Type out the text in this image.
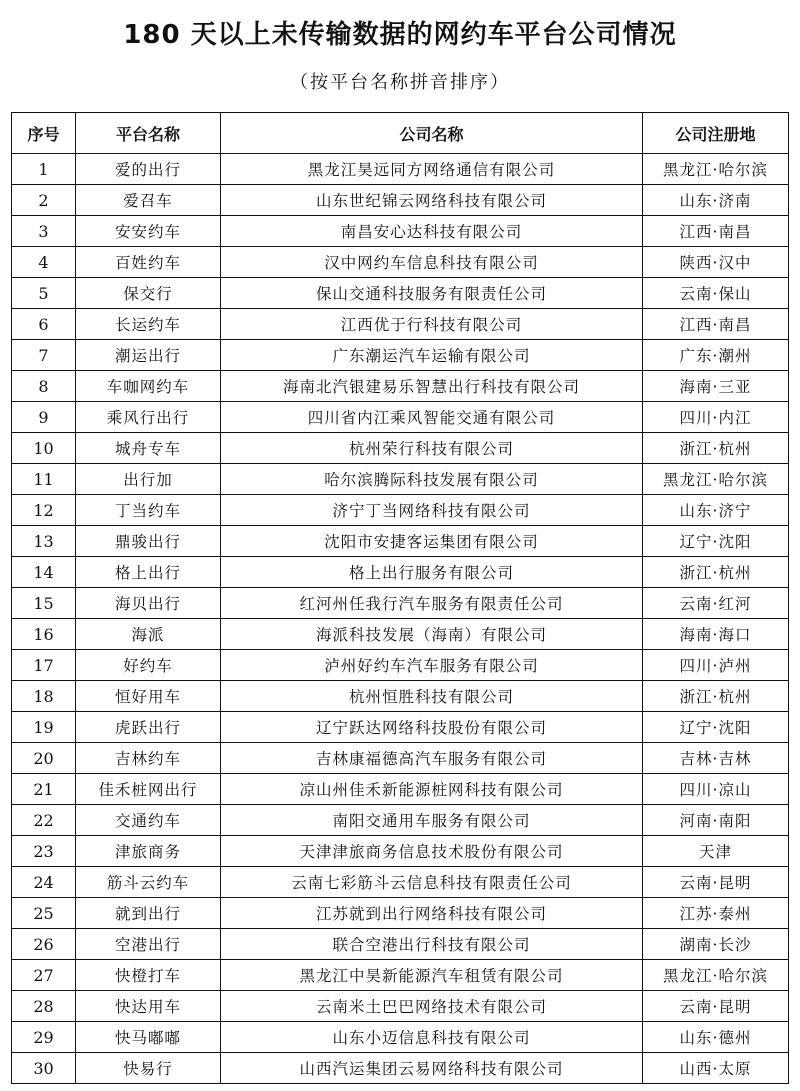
180 天以上未传输数据的网约车平台公司情况
（按平台名称拼音排序）
序号	平台名称	公司名称	公司注册地
1	爱的出行	黑龙江昊远同方网络通信有限公司	黑龙江·哈尔滨
2	爱召车	山东世纪锦云网络科技有限公司	山东·济南
3	安安约车	南昌安心达科技有限公司	江西·南昌
4	百姓约车	汉中网约车信息科技有限公司	陕西·汉中
5	保交行	保山交通科技服务有限责任公司	云南·保山
6	长运约车	江西优于行科技有限公司	江西·南昌
7	潮运出行	广东潮运汽车运输有限公司	广东·潮州
8	车咖网约车	海南北汽银建易乐智慧出行科技有限公司	海南·三亚
9	乘风行出行	四川省内江乘风智能交通有限公司	四川·内江
10	城舟专车	杭州荣行科技有限公司	浙江·杭州
11	出行加	哈尔滨腾际科技发展有限公司	黑龙江·哈尔滨
12	丁当约车	济宁丁当网络科技有限公司	山东·济宁
13	鼎骏出行	沈阳市安捷客运集团有限公司	辽宁·沈阳
14	格上出行	格上出行服务有限公司	浙江·杭州
15	海贝出行	红河州任我行汽车服务有限责任公司	云南·红河
16	海派	海派科技发展（海南）有限公司	海南·海口
17	好约车	泸州好约车汽车服务有限公司	四川·泸州
18	恒好用车	杭州恒胜科技有限公司	浙江·杭州
19	虎跃出行	辽宁跃达网络科技股份有限公司	辽宁·沈阳
20	吉林约车	吉林康福德高汽车服务有限公司	吉林·吉林
21	佳禾桩网出行	凉山州佳禾新能源桩网科技有限公司	四川·凉山
22	交通约车	南阳交通用车服务有限公司	河南·南阳
23	津旅商务	天津津旅商务信息技术股份有限公司	天津
24	筋斗云约车	云南七彩筋斗云信息科技有限责任公司	云南·昆明
25	就到出行	江苏就到出行网络科技有限公司	江苏·泰州
26	空港出行	联合空港出行科技有限公司	湖南·长沙
27	快橙打车	黑龙江中昊新能源汽车租赁有限公司	黑龙江·哈尔滨
28	快达用车	云南米土巴巴网络技术有限公司	云南·昆明
29	快马嘟嘟	山东小迈信息科技有限公司	山东·德州
30	快易行	山西汽运集团云易网络科技有限公司	山西·太原
